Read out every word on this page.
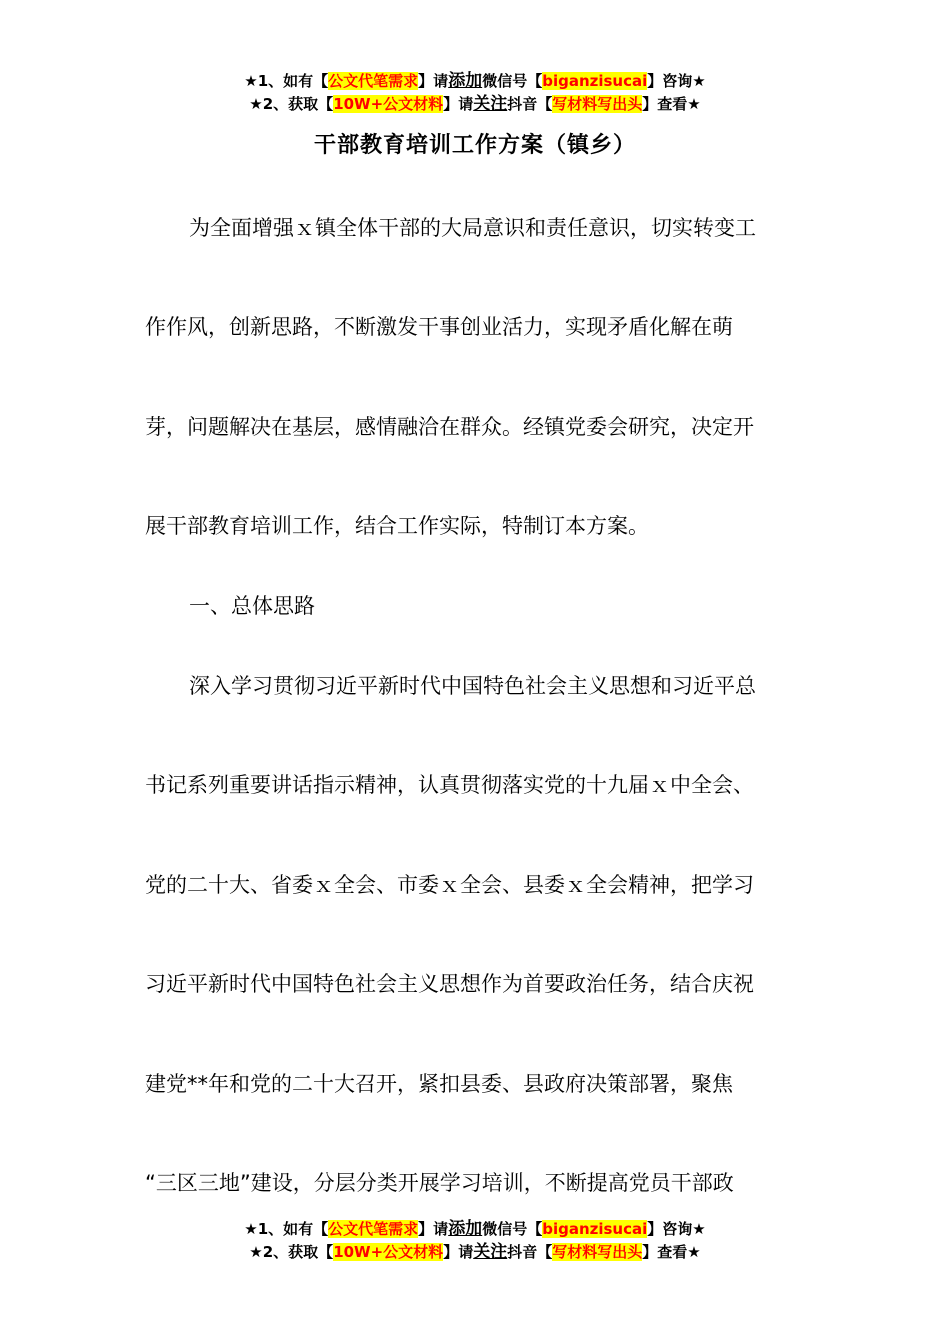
★1、如有【公文代笔需求】请添加微信号【biganzisucai】咨询★
★2、获取【10W+公文材料】请关注抖音【写材料写出头】查看★
干部教育培训工作方案（镇乡）
为全面增强ｘ镇全体干部的大局意识和责任意识，切实转变工
作作风，创新思路，不断激发干事创业活力，实现矛盾化解在萌
芽，问题解决在基层，感情融洽在群众。经镇党委会研究，决定开
展干部教育培训工作，结合工作实际，特制订本方案。
一、总体思路
深入学习贯彻习近平新时代中国特色社会主义思想和习近平总
书记系列重要讲话指示精神，认真贯彻落实党的十九届ｘ中全会、
党的二十大、省委ｘ全会、市委ｘ全会、县委ｘ全会精神，把学习
习近平新时代中国特色社会主义思想作为首要政治任务，结合庆祝
建党**年和党的二十大召开，紧扣县委、县政府决策部署，聚焦
“三区三地”建设，分层分类开展学习培训，不断提高党员干部政
★1、如有【公文代笔需求】请添加微信号【biganzisucai】咨询★
★2、获取【10W+公文材料】请关注抖音【写材料写出头】查看★
